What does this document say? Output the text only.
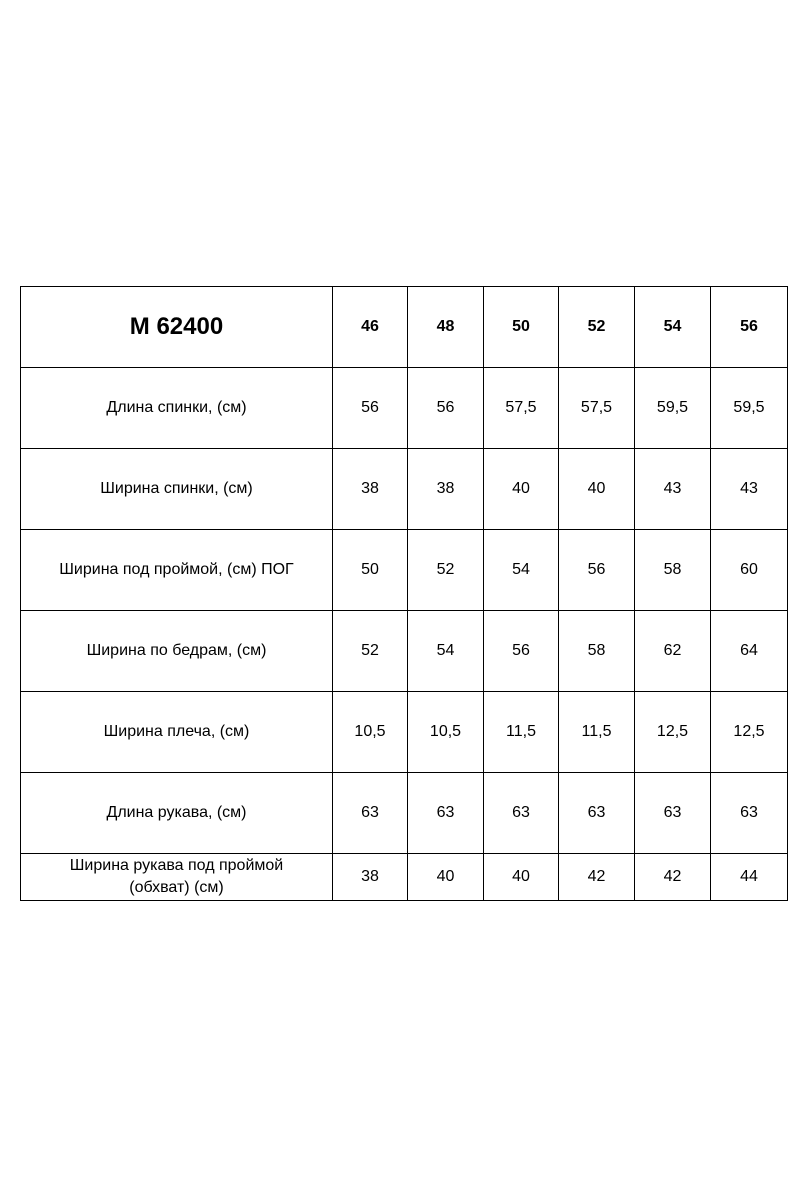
М 62400	46	48	50	52	54	56
Длина спинки, (см)	56	56	57,5	57,5	59,5	59,5
Ширина спинки, (см)	38	38	40	40	43	43
Ширина под проймой, (см) ПОГ	50	52	54	56	58	60
Ширина по бедрам, (см)	52	54	56	58	62	64
Ширина плеча, (см)	10,5	10,5	11,5	11,5	12,5	12,5
Длина рукава, (см)	63	63	63	63	63	63

Ширина рукава под проймой (обхват) (см)	38	40	40	42	42	44
